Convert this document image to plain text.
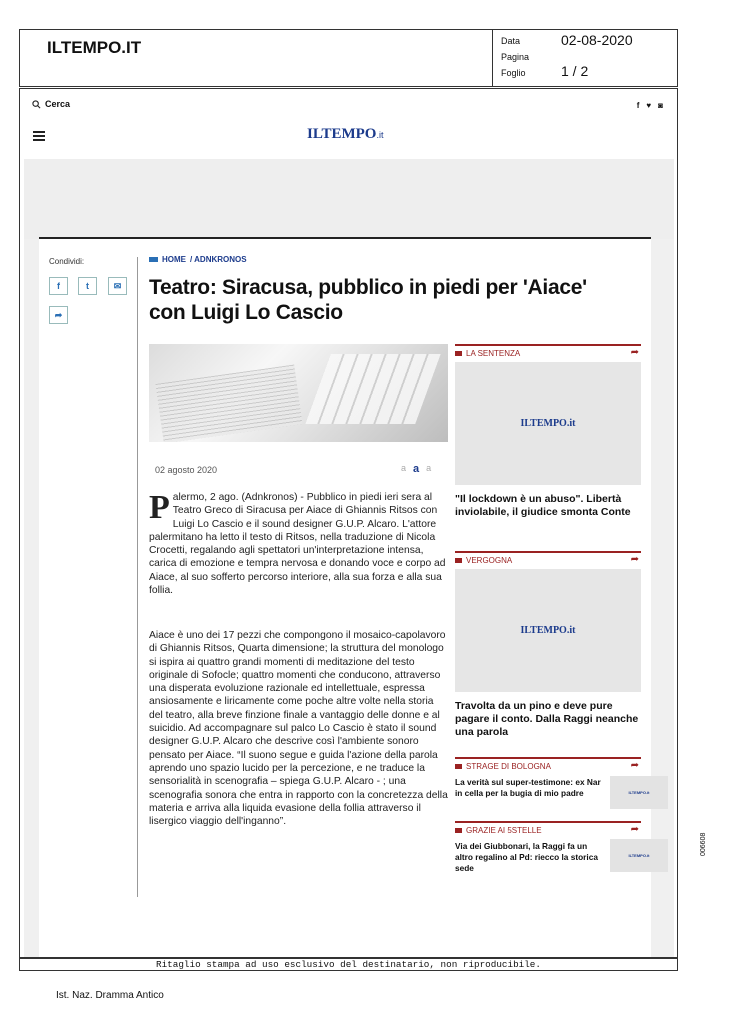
ILTEMPO.IT	Data	02-08-2020
Pagina
Foglio	1 / 2
Cerca	f ♥ ◙
ILTEMPO.it
Condividi:
f	t	✉
➦
HOME / ADNKRONOS
Teatro: Siracusa, pubblico in piedi per 'Aiace' con Luigi Lo Cascio
02 agosto 2020	a a a
Palermo, 2 ago. (Adnkronos) - Pubblico in piedi ieri sera al Teatro Greco di Siracusa per Aiace di Ghiannis Ritsos con Luigi Lo Cascio e il sound designer G.U.P. Alcaro. L'attore palermitano ha letto il testo di Ritsos, nella traduzione di Nicola Crocetti, regalando agli spettatori un'interpretazione intensa, carica di emozione e tempra nervosa e donando voce e corpo ad Aiace, al suo sofferto percorso interiore, alla sua forza e alla sua follia.
Aiace è uno dei 17 pezzi che compongono il mosaico-capolavoro di Ghiannis Ritsos, Quarta dimensione; la struttura del monologo si ispira ai quattro grandi momenti di meditazione del testo originale di Sofocle; quattro momenti che conducono, attraverso una disperata evoluzione razionale ed intellettuale, espressa ansiosamente e liricamente come poche altre volte nella storia del teatro, alla breve finzione finale a vantaggio delle donne e al suicidio. Ad accompagnare sul palco Lo Cascio è stato il sound designer G.U.P. Alcaro che descrive così l'ambiente sonoro pensato per Aiace. “Il suono segue e guida l'azione della parola aprendo uno spazio lucido per la percezione, e ne traduce la sensorialità in scenografia – spiega G.U.P. Alcaro - ; una scenografia sonora che entra in rapporto con la concretezza della materia e arriva alla liquida evasione della follia attraverso il lisergico viaggio dell'inganno”.
LA SENTENZA	➦
ILTEMPO.it
"Il lockdown è un abuso". Libertà inviolabile, il giudice smonta Conte
VERGOGNA	➦
ILTEMPO.it
Travolta da un pino e deve pure pagare il conto. Dalla Raggi neanche una parola
STRAGE DI BOLOGNA	➦
La verità sul super-testimone: ex Nar in cella per la bugia di mio padre	ILTEMPO.it
GRAZIE AI 5STELLE	➦
Via dei Giubbonari, la Raggi fa un altro regalino al Pd: riecco la storica sede
ILTEMPO.it
Ritaglio stampa ad uso esclusivo del destinatario, non riproducibile.
Ist. Naz. Dramma Antico
006608
